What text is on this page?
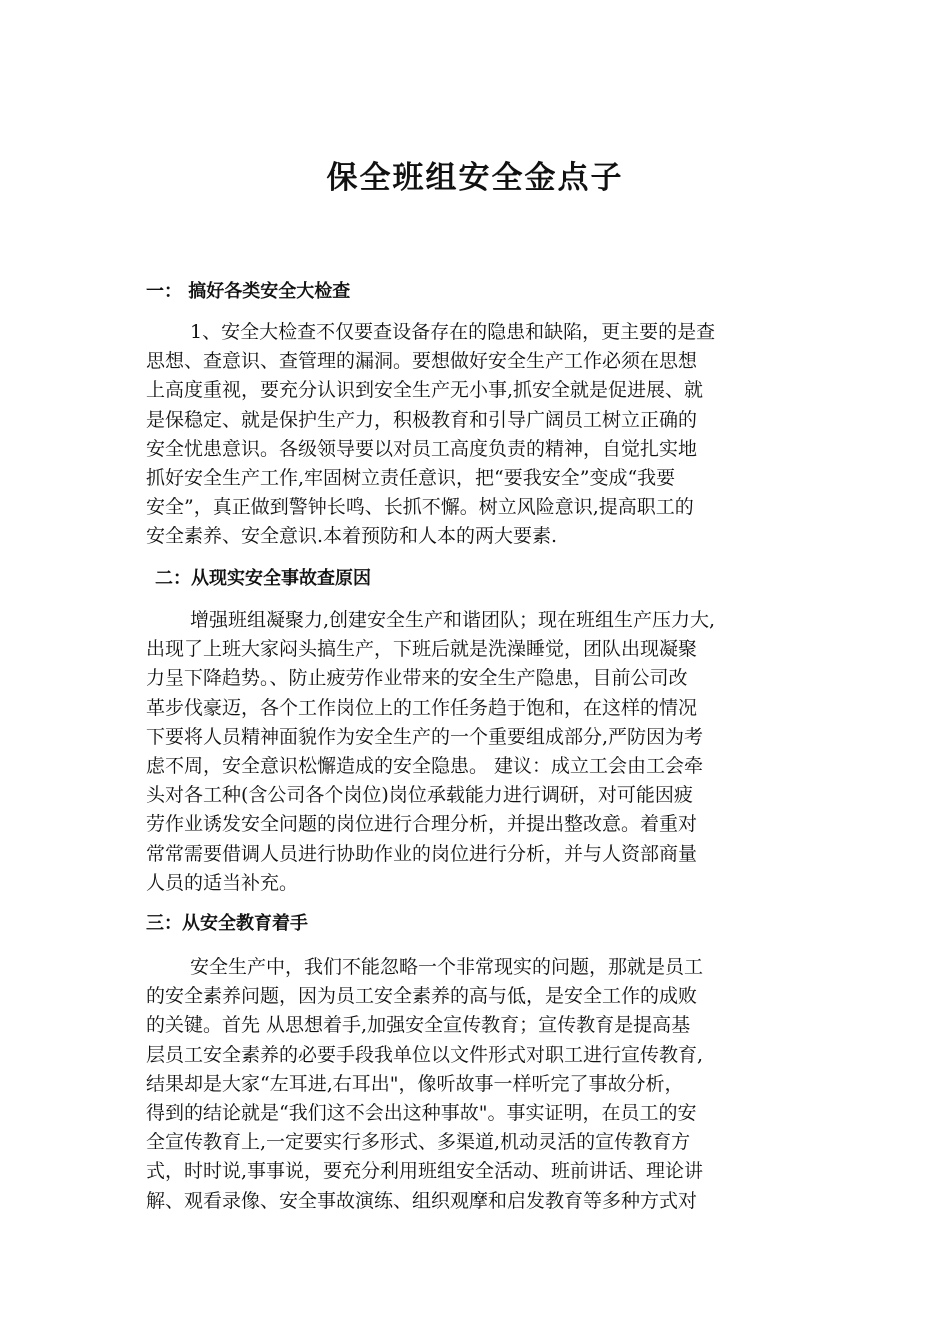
保全班组安全金点子
一： 搞好各类安全大检查
1、安全大检查不仅要查设备存在的隐患和缺陷，更主要的是查
思想、查意识、查管理的漏洞。要想做好安全生产工作必须在思想
上高度重视，要充分认识到安全生产无小事,抓安全就是促进展、就
是保稳定、就是保护生产力，积极教育和引导广阔员工树立正确的
安全忧患意识。各级领导要以对员工高度负责的精神，自觉扎实地
抓好安全生产工作,牢固树立责任意识，把“要我安全”变成“我要
安全”，真正做到警钟长鸣、长抓不懈。树立风险意识,提高职工的
安全素养、安全意识.本着预防和人本的两大要素.
二：从现实安全事故查原因
增强班组凝聚力,创建安全生产和谐团队；现在班组生产压力大,
出现了上班大家闷头搞生产，下班后就是洗澡睡觉，团队出现凝聚
力呈下降趋势。、防止疲劳作业带来的安全生产隐患，目前公司改
革步伐豪迈，各个工作岗位上的工作任务趋于饱和，在这样的情况
下要将人员精神面貌作为安全生产的一个重要组成部分,严防因为考
虑不周，安全意识松懈造成的安全隐患。 建议：成立工会由工会牵
头对各工种(含公司各个岗位)岗位承载能力进行调研，对可能因疲
劳作业诱发安全问题的岗位进行合理分析，并提出整改意。着重对
常常需要借调人员进行协助作业的岗位进行分析，并与人资部商量
人员的适当补充。
三：从安全教育着手
安全生产中，我们不能忽略一个非常现实的问题，那就是员工
的安全素养问题，因为员工安全素养的高与低，是安全工作的成败
的关键。首先 从思想着手,加强安全宣传教育；宣传教育是提高基
层员工安全素养的必要手段我单位以文件形式对职工进行宣传教育,
结果却是大家“左耳进,右耳出"，像听故事一样听完了事故分析，
得到的结论就是“我们这不会出这种事故"。事实证明，在员工的安
全宣传教育上,一定要实行多形式、多渠道,机动灵活的宣传教育方
式，时时说,事事说，要充分利用班组安全活动、班前讲话、理论讲
解、观看录像、安全事故演练、组织观摩和启发教育等多种方式对
